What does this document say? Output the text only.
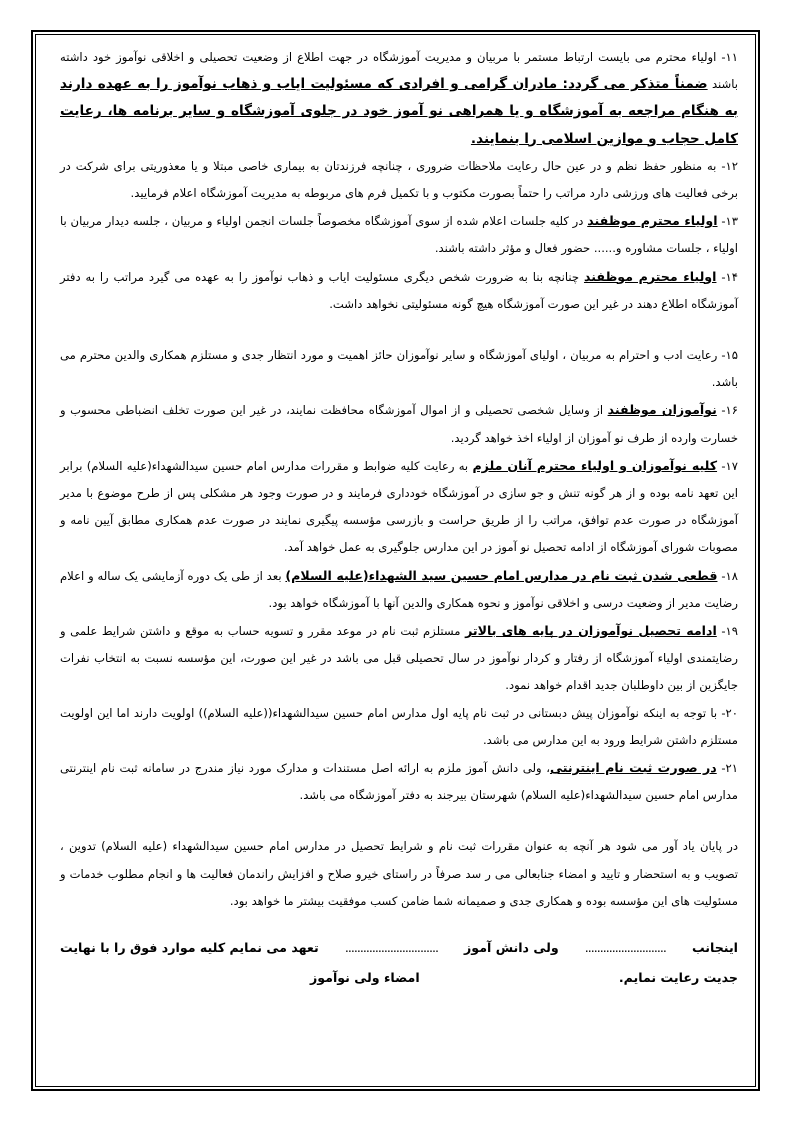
۱۱- اولیاء محترم می بایست ارتباط مستمر با مربیان و مدیریت آموزشگاه در جهت اطلاع از وضعیت تحصیلی و اخلاقی نوآموز خود داشته باشند ضمناً متذکر می گردد: مادران گرامی و افرادی که مسئولیت ایاب و ذهاب نوآموز را به عهده دارند به هنگام مراجعه به آموزشگاه و یا همراهی نو آموز خود در جلوی آموزشگاه و سایر برنامه ها، رعایت کامل حجاب و موازین اسلامی را بنمایند.

۱۲- به منظور حفظ نظم و در عین حال رعایت ملاحظات ضروری ، چنانچه فرزندتان به بیماری خاصی مبتلا و یا معذوریتی برای شرکت در برخی فعالیت های ورزشی دارد مراتب را حتماً بصورت مکتوب و با تکمیل فرم های مربوطه به مدیریت آموزشگاه اعلام فرمایید.

۱۳- اولیاء محترم موظفند در کلیه جلسات اعلام شده از سوی آموزشگاه مخصوصاً جلسات انجمن اولیاء و مربیان ، جلسه دیدار مربیان با اولیاء ، جلسات مشاوره و...... حضور فعال و مؤثر داشته باشند.

۱۴- اولیاء محترم موظفند چنانچه بنا به ضرورت شخص دیگری مسئولیت ایاب و ذهاب نوآموز را به عهده می گیرد مراتب را به دفتر آموزشگاه اطلاع دهند در غیر این صورت آموزشگاه هیچ گونه مسئولیتی نخواهد داشت.

۱۵- رعایت ادب و احترام به مربیان ، اولیای آموزشگاه و سایر نوآموزان حائز اهمیت و مورد انتظار جدی و مستلزم همکاری والدین محترم می باشد.

۱۶- نوآموزان موظفند از وسایل شخصی تحصیلی و از اموال آموزشگاه محافظت نمایند، در غیر این صورت تخلف انضباطی محسوب و خسارت وارده از طرف نو آموزان از اولیاء اخذ خواهد گردید.

۱۷- کلیه نوآموزان و اولیاء محترم آنان ملزم به رعایت کلیه ضوابط و مقررات مدارس امام حسین سیدالشهداء(علیه السلام) برابر این تعهد نامه بوده و از هر گونه تنش و جو سازی در آموزشگاه خودداری فرمایند و در صورت وجود هر مشکلی پس از طرح موضوع با مدیر آموزشگاه در صورت عدم توافق، مراتب را از طریق حراست و بازرسی مؤسسه پیگیری نمایند در صورت عدم همکاری مطابق آیین نامه و مصوبات شورای آموزشگاه از ادامه تحصیل نو آموز در این مدارس جلوگیری به عمل خواهد آمد.

۱۸- قطعی شدن ثبت نام در مدارس امام حسین سید الشهداء(علیه السلام) بعد از طی یک دوره آزمایشی یک ساله و اعلام رضایت مدیر از وضعیت درسی و اخلاقی نوآموز و نحوه همکاری والدین آنها با آموزشگاه خواهد بود.

۱۹- ادامه تحصیل نوآموزان در پایه های بالاتر مستلزم ثبت نام در موعد مقرر و تسویه حساب به موقع و داشتن شرایط علمی و رضایتمندی اولیاء آموزشگاه از رفتار و کردار نوآموز در سال تحصیلی قبل می باشد در غیر این صورت، این مؤسسه نسبت به انتخاب نفرات جایگزین از بین داوطلبان جدید اقدام خواهد نمود.

۲۰- با توجه به اینکه نوآموزان پیش دبستانی در ثبت نام پایه اول مدارس امام حسین سیدالشهداء((علیه السلام)) اولویت دارند اما این اولویت مستلزم داشتن شرایط ورود به این مدارس می باشد.

۲۱- در صورت ثبت نام اینترنتی، ولی دانش آموز ملزم به ارائه اصل مستندات و مدارک مورد نیاز مندرج در سامانه ثبت نام اینترنتی مدارس امام حسین سیدالشهداء(علیه السلام) شهرستان بیرجند به دفتر آموزشگاه می باشد.

در پایان یاد آور می شود هر آنچه به عنوان مقررات ثبت نام و شرایط تحصیل در مدارس امام حسین سیدالشهداء (علیه السلام) تدوین ، تصویب و به استحضار و تایید و امضاء جنابعالی می ر سد صرفاً در راستای خیرو صلاح و افزایش راندمان فعالیت ها و انجام مطلوب خدمات و مسئولیت های این مؤسسه بوده و همکاری جدی و صمیمانه شما ضامن کسب موفقیت بیشتر ما خواهد بود.

اینجانب
...........................
ولی دانش آموز
...............................
تعهد می نمایم کلیه موارد فوق را با نهایت
جدیت رعایت نمایم.
امضاء ولی نوآموز
